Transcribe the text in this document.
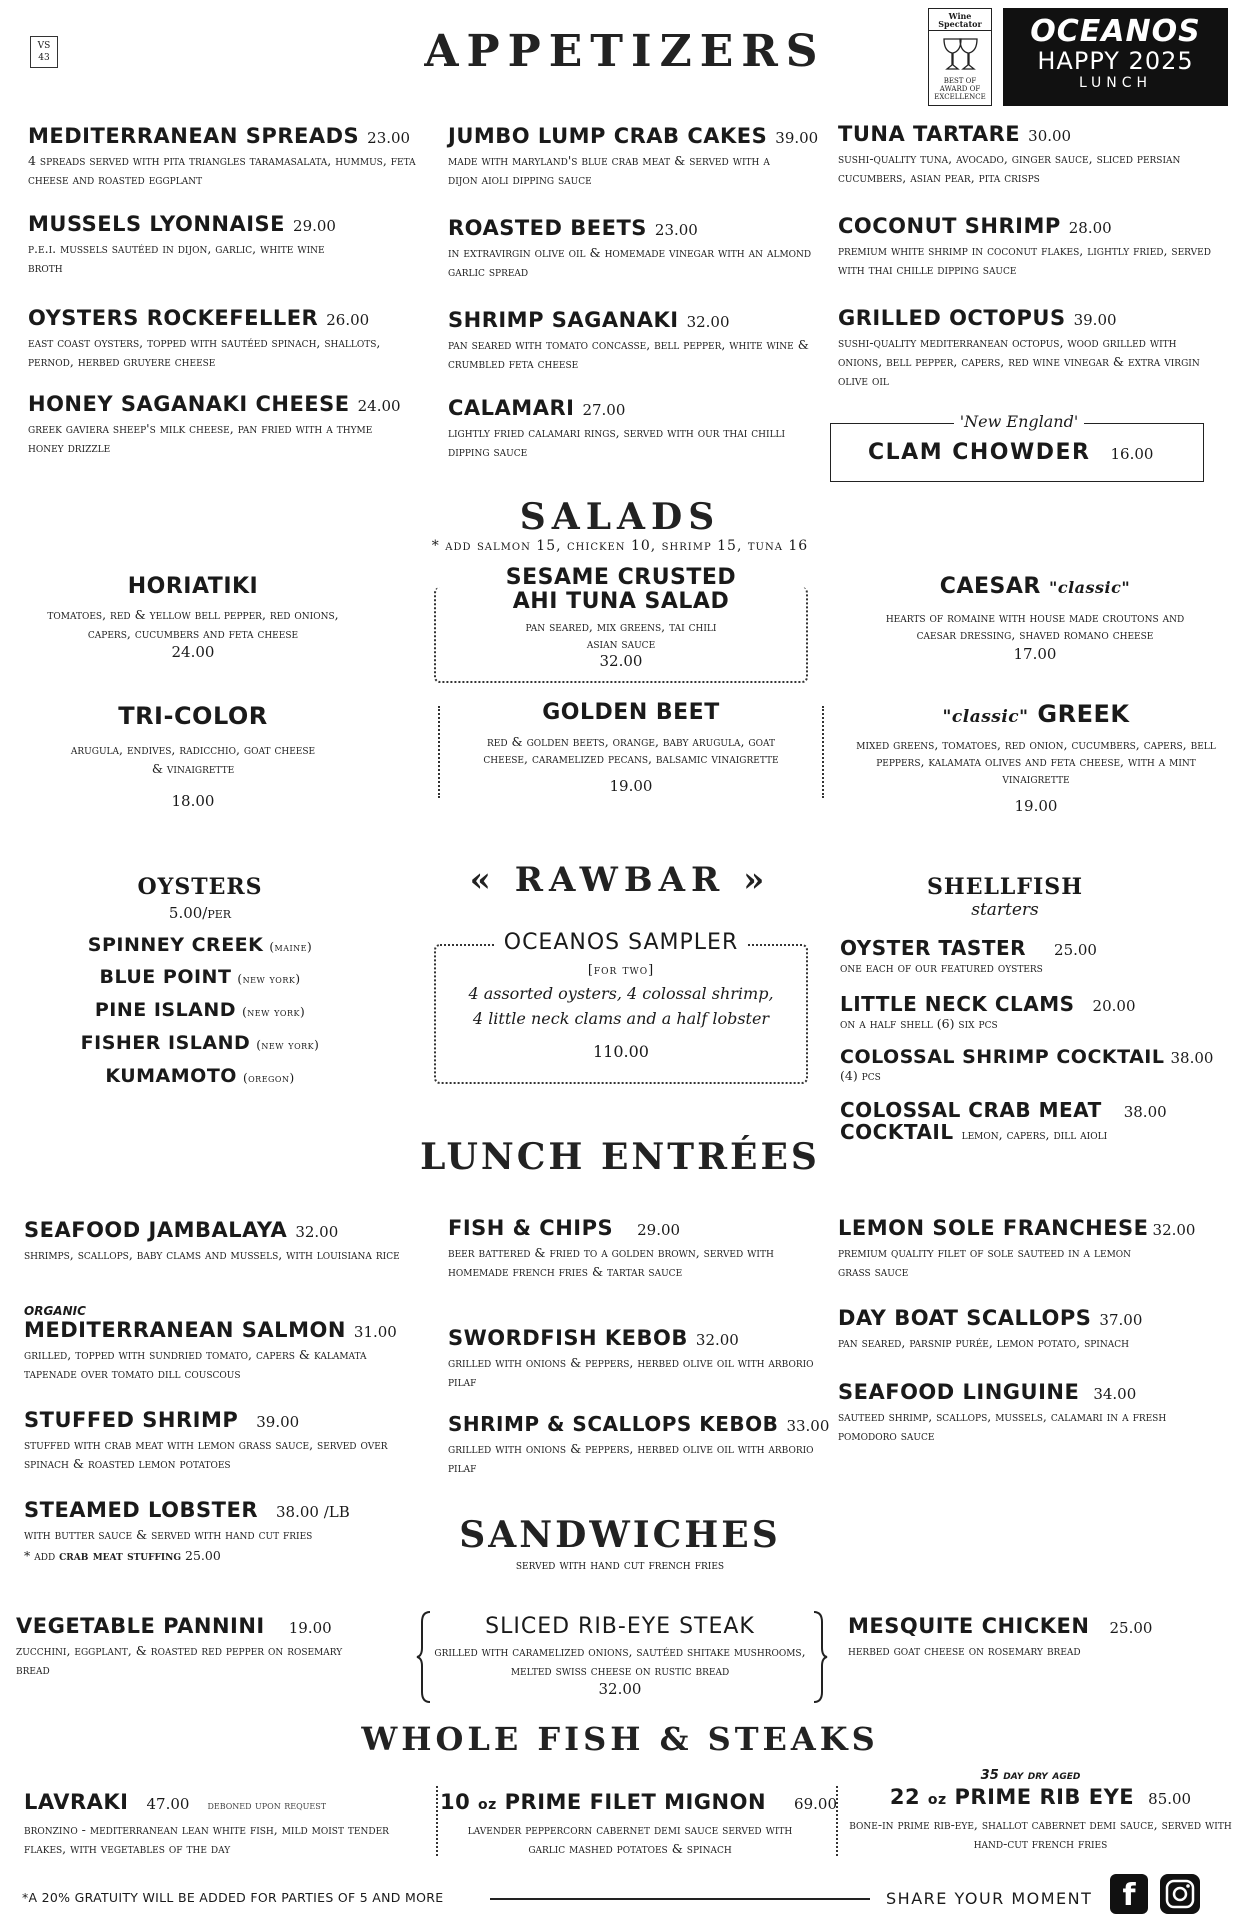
VS
43	APPETIZERS
Wine Spectator
BEST OF
AWARD OF
EXCELLENCE
OCEANOS
HAPPY 2025
LUNCH
MEDITERRANEAN SPREADS 23.00
4 spreads served with pita triangles taramasalata, hummus, feta cheese and roasted eggplant
MUSSELS LYONNAISE 29.00
p.e.i. mussels sautéed in dijon, garlic, white wine broth
OYSTERS ROCKEFELLER 26.00
east coast oysters, topped with sautéed spinach, shallots, pernod, herbed gruyere cheese
HONEY SAGANAKI CHEESE 24.00
greek gaviera sheep's milk cheese, pan fried with a thyme honey drizzle
JUMBO LUMP CRAB CAKES 39.00
made with maryland's blue crab meat & served with a dijon aioli dipping sauce
ROASTED BEETS 23.00
in extravirgin olive oil & homemade vinegar with an almond garlic spread
SHRIMP SAGANAKI 32.00
pan seared with tomato concasse, bell pepper, white wine & crumbled feta cheese
CALAMARI 27.00
lightly fried calamari rings, served with our thai chilli dipping sauce
TUNA TARTARE 30.00
sushi-quality tuna, avocado, ginger sauce, sliced persian cucumbers, asian pear, pita crisps
COCONUT SHRIMP 28.00
premium white shrimp in coconut flakes, lightly fried, served with thai chille dipping sauce
GRILLED OCTOPUS 39.00
sushi-quality mediterranean octopus, wood grilled with onions, bell pepper, capers, red wine vinegar & extra virgin olive oil
'New England'
CLAM CHOWDER 16.00
SALADS
* add salmon 15, chicken 10, shrimp 15, tuna 16
HORIATIKI
tomatoes, red & yellow bell pepper, red onions, capers, cucumbers and feta cheese
24.00
SESAME CRUSTED
AHI TUNA SALAD
pan seared, mix greens, tai chili asian sauce
32.00
CAESAR "classic"
hearts of romaine with house made croutons and caesar dressing, shaved romano cheese
17.00
TRI-COLOR
arugula, endives, radicchio, goat cheese & vinaigrette
18.00
GOLDEN BEET
red & golden beets, orange, baby arugula, goat cheese, caramelized pecans, balsamic vinaigrette
19.00
"classic" GREEK
mixed greens, tomatoes, red onion, cucumbers, capers, bell peppers, kalamata olives and feta cheese, with a mint vinaigrette
19.00
« RAWBAR »
OYSTERS
5.00/per
SPINNEY CREEK (maine)
BLUE POINT (new york)
PINE ISLAND (new york)
FISHER ISLAND (new york)
KUMAMOTO (oregon)
OCEANOS SAMPLER
[for two]
4 assorted oysters, 4 colossal shrimp,
4 little neck clams and a half lobster
110.00
SHELLFISH
starters
OYSTER TASTER 25.00
one each of our featured oysters
LITTLE NECK CLAMS 20.00
on a half shell (6) six pcs
COLOSSAL SHRIMP COCKTAIL 38.00
(4) pcs
COLOSSAL CRAB MEAT 38.00
COCKTAIL lemon, capers, dill aioli
LUNCH ENTRÉES
SEAFOOD JAMBALAYA 32.00
shrimps, scallops, baby clams and mussels, with louisiana rice
ORGANIC
MEDITERRANEAN SALMON 31.00
grilled, topped with sundried tomato, capers & kalamata tapenade over tomato dill couscous
STUFFED SHRIMP 39.00
stuffed with crab meat with lemon grass sauce, served over spinach & roasted lemon potatoes
STEAMED LOBSTER 38.00 /LB
with butter sauce & served with hand cut fries
* add crab meat stuffing 25.00
FISH & CHIPS 29.00
beer battered & fried to a golden brown, served with homemade french fries & tartar sauce
SWORDFISH KEBOB 32.00
grilled with onions & peppers, herbed olive oil with arborio pilaf
SHRIMP & SCALLOPS KEBOB 33.00
grilled with onions & peppers, herbed olive oil with arborio pilaf
LEMON SOLE FRANCHESE 32.00
premium quality filet of sole sauteed in a lemon grass sauce
DAY BOAT SCALLOPS 37.00
pan seared, parsnip purée, lemon potato, spinach
SEAFOOD LINGUINE 34.00
sauteed shrimp, scallops, mussels, calamari in a fresh pomodoro sauce
SANDWICHES
served with hand cut french fries
VEGETABLE PANNINI 19.00
zucchini, eggplant, & roasted red pepper on rosemary bread
SLICED RIB-EYE STEAK
grilled with caramelized onions, sautéed shitake mushrooms, melted swiss cheese on rustic bread
32.00
MESQUITE CHICKEN 25.00
herbed goat cheese on rosemary bread
WHOLE FISH & STEAKS
LAVRAKI 47.00 deboned upon request
bronzino - mediterranean lean white fish, mild moist tender flakes, with vegetables of the day
10 oz PRIME FILET MIGNON 69.00
lavender peppercorn cabernet demi sauce served with garlic mashed potatoes & spinach
35 day dry aged
22 oz PRIME RIB EYE 85.00
bone-in prime rib-eye, shallot cabernet demi sauce, served with hand-cut french fries
*A 20% GRATUITY WILL BE ADDED FOR PARTIES OF 5 AND MORE	SHARE YOUR MOMENT	f
